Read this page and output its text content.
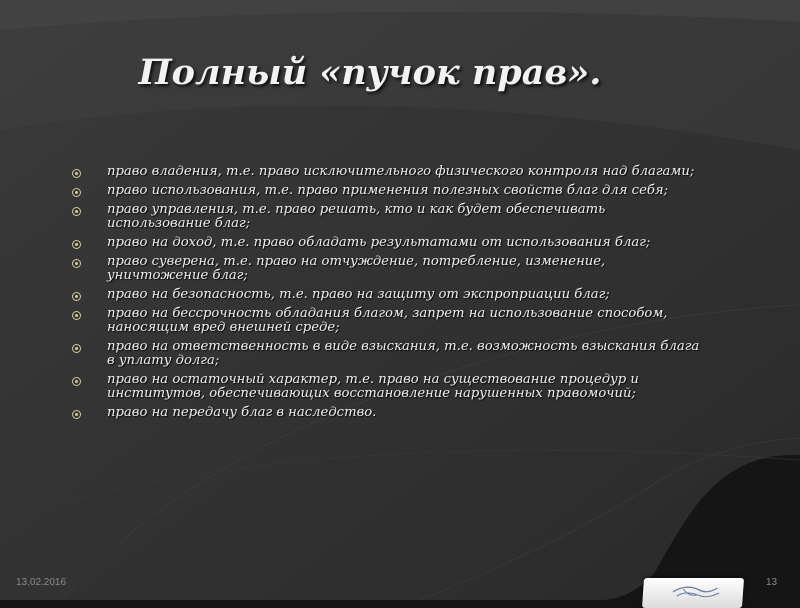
Полный «пучок прав».
право владения, т.е. право исключительного физического контроля над благами;
право использования, т.е. право применения полезных свойств благ для себя;
право управления, т.е. право решать, кто и как будет обеспечивать использование благ;
право на доход, т.е. право обладать результатами от использования благ;
право суверена, т.е. право на отчуждение, потребление, изменение, уничтожение благ;
право на безопасность, т.е. право на защиту от экспроприации благ;
право на бессрочность обладания благом, запрет на использование способом, наносящим вред внешней среде;
право на ответственность в виде взыскания, т.е. возможность взыскания блага в уплату долга;
право на остаточный характер, т.е. право на существование процедур и институтов, обеспечивающих восстановление нарушенных правомочий;
право на передачу благ в наследство.
13.02.2016	13
